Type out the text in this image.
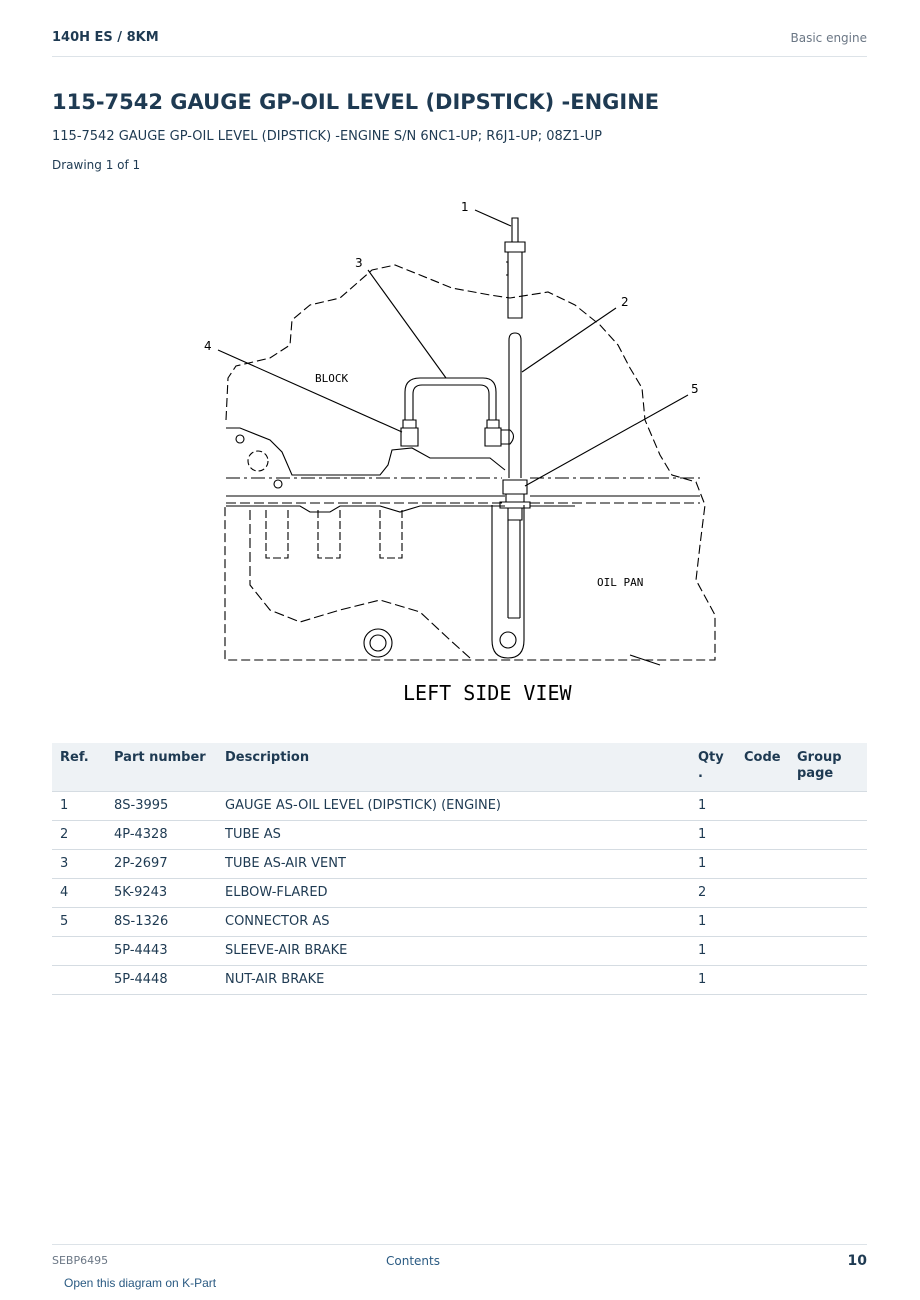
140H ES / 8KM	Basic engine
115-7542 GAUGE GP-OIL LEVEL (DIPSTICK) -ENGINE
115-7542 GAUGE GP-OIL LEVEL (DIPSTICK) -ENGINE S/N 6NC1-UP; R6J1-UP; 08Z1-UP
Drawing 1 of 1
1
2
3
4
5
BLOCK
OIL PAN
LEFT SIDE VIEW
Ref.	Part number	Description	Qty .	Code	Group page
1	8S-3995	GAUGE AS-OIL LEVEL (DIPSTICK) (ENGINE)	1		
2	4P-4328	TUBE AS	1		
3	2P-2697	TUBE AS-AIR VENT	1		
4	5K-9243	ELBOW-FLARED	2		
5	8S-1326	CONNECTOR AS	1		
	5P-4443	SLEEVE-AIR BRAKE	1		
	5P-4448	NUT-AIR BRAKE	1		
SEBP6495	Contents	10
Open this diagram on K-Part
